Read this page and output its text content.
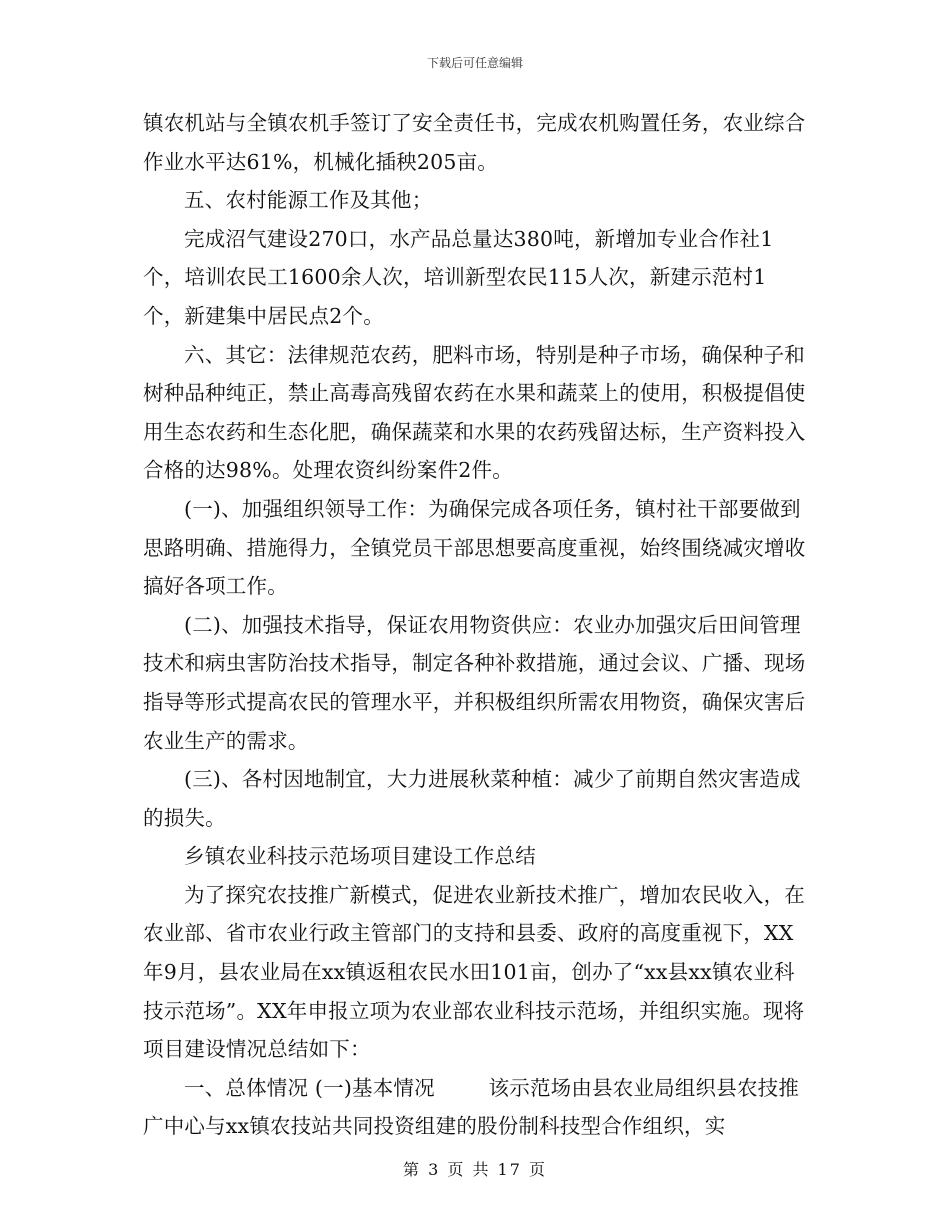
下载后可任意编辑

镇农机站与全镇农机手签订了安全责任书，完成农机购置任务，农业综合作业水平达61%，机械化插秧205亩。

五、农村能源工作及其他；

完成沼气建设270口，水产品总量达380吨，新增加专业合作社1个，培训农民工1600余人次，培训新型农民115人次，新建示范村1个，新建集中居民点2个。

六、其它：法律规范农药，肥料市场，特别是种子市场，确保种子和树种品种纯正，禁止高毒高残留农药在水果和蔬菜上的使用，积极提倡使用生态农药和生态化肥，确保蔬菜和水果的农药残留达标，生产资料投入合格的达98%。处理农资纠纷案件2件。

(一)、加强组织领导工作：为确保完成各项任务，镇村社干部要做到思路明确、措施得力，全镇党员干部思想要高度重视，始终围绕减灾增收搞好各项工作。

(二)、加强技术指导，保证农用物资供应：农业办加强灾后田间管理技术和病虫害防治技术指导，制定各种补救措施，通过会议、广播、现场指导等形式提高农民的管理水平，并积极组织所需农用物资，确保灾害后农业生产的需求。

(三)、各村因地制宜，大力进展秋菜种植：减少了前期自然灾害造成的损失。

乡镇农业科技示范场项目建设工作总结

为了探究农技推广新模式，促进农业新技术推广，增加农民收入，在农业部、省市农业行政主管部门的支持和县委、政府的高度重视下，XX年9月，县农业局在xx镇返租农民水田101亩，创办了“xx县xx镇农业科技示范场”。XX年申报立项为农业部农业科技示范场，并组织实施。现将项目建设情况总结如下：

一、总体情况 (一)基本情况        该示范场由县农业局组织县农技推广中心与xx镇农技站共同投资组建的股份制科技型合作组织，实

第 3 页 共 17 页
